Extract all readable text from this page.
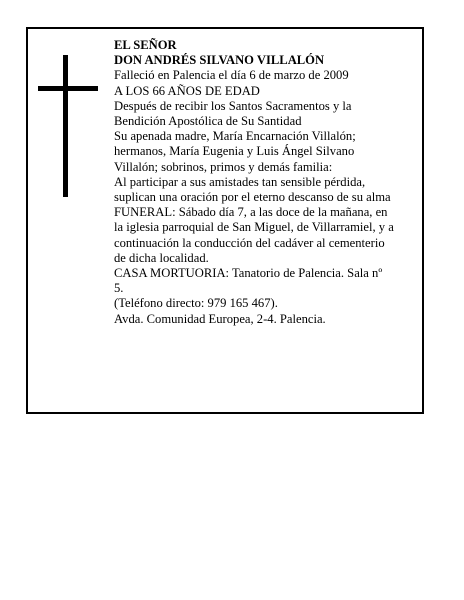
EL SEÑOR
DON ANDRÉS SILVANO VILLALÓN
Falleció en Palencia el día 6 de marzo de 2009
A LOS 66 AÑOS DE EDAD
Después de recibir los Santos Sacramentos y la
Bendición Apostólica de Su Santidad
Su apenada madre, María Encarnación Villalón;
hermanos, María Eugenia y Luis Ángel Silvano
Villalón; sobrinos, primos y demás familia:
Al participar a sus amistades tan sensible pérdida,
suplican una oración por el eterno descanso de su alma
FUNERAL: Sábado día 7, a las doce de la mañana, en
la iglesia parroquial de San Miguel, de Villarramiel, y a
continuación la conducción del cadáver al cementerio
de dicha localidad.
CASA MORTUORIA: Tanatorio de Palencia. Sala nº
5.
(Teléfono directo: 979 165 467).
Avda. Comunidad Europea, 2-4. Palencia.
